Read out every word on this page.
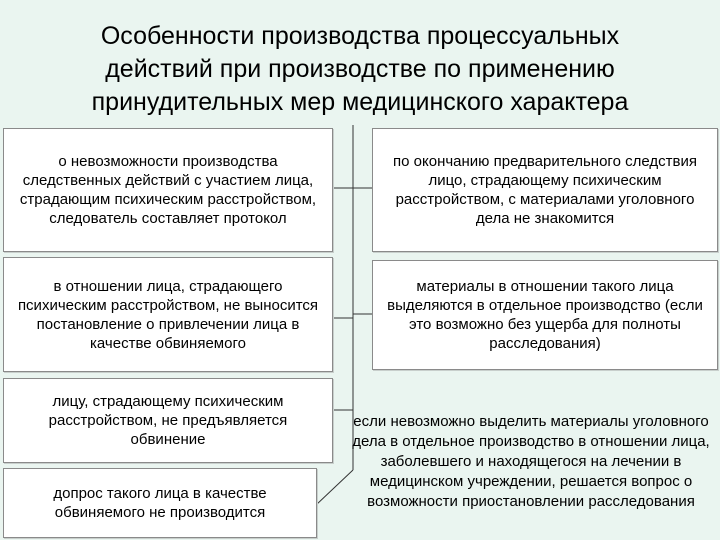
Особенности производства процессуальных
действий при производстве по применению
принудительных мер медицинского характера
о невозможности производства следственных действий с участием лица, страдающим психическим расстройством, следователь составляет протокол
в отношении лица, страдающего психическим расстройством, не выносится постановление о привлечении лица в качестве обвиняемого
лицу, страдающему психическим расстройством, не предъявляется обвинение
допрос такого лица в качестве обвиняемого не производится
по окончанию предварительного следствия лицо, страдающему психическим расстройством, с материалами уголовного дела не знакомится
материалы в отношении такого лица выделяются в отдельное производство (если это возможно без ущерба для полноты расследования)
если невозможно выделить материалы уголовного дела в отдельное производство в отношении лица, заболевшего и находящегося на лечении в медицинском учреждении, решается вопрос о возможности приостановлении расследования
